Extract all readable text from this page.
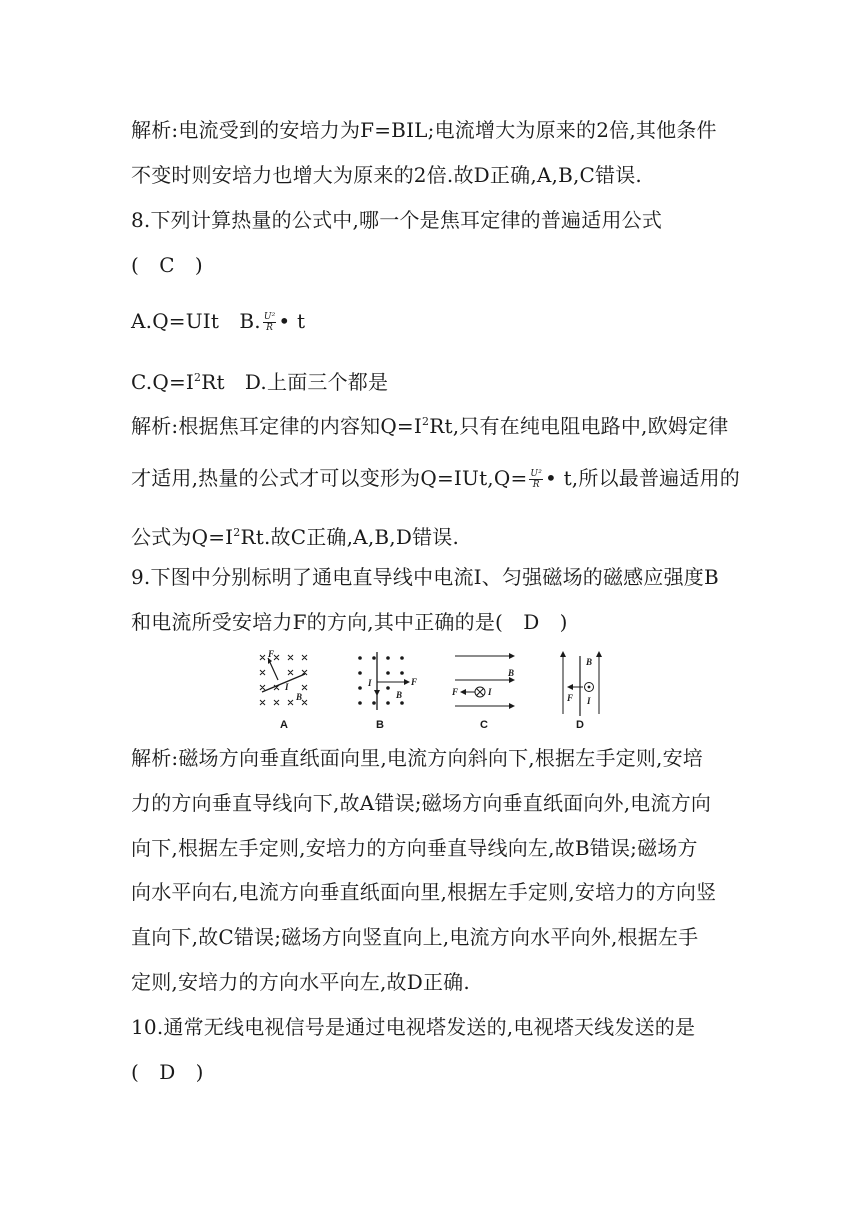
解析:电流受到的安培力为F=BIL;电流增大为原来的2倍,其他条件
不变时则安培力也增大为原来的2倍.故D正确,A,B,C错误.
8.下列计算热量的公式中,哪一个是焦耳定律的普遍适用公式
(　C　)
A.Q=UIt　B. $\frac{\text{U²}}{R}$ • t
$C.Q=I^2Rt$　D.上面三个都是
解析:根据焦耳定律的内容知$Q=I^2Rt$,只有在纯电阻电路中,欧姆定律
才适用,热量的公式才可以变形为$Q=IUt,Q= \frac{\text{U²}}{R}$ • t,所以最普遍适用的
公式为$Q=I^2Rt$.故C正确,A,B,D错误.
9.下图中分别标明了通电直导线中电流I、匀强磁场的磁感应强度B
和电流所受安培力F的方向,其中正确的是(　D　)
F
I
B
A
I	F
B
B
F	I
B
C
F I
B
D
解析:磁场方向垂直纸面向里,电流方向斜向下,根据左手定则,安培
力的方向垂直导线向下,故A错误;磁场方向垂直纸面向外,电流方向
向下,根据左手定则,安培力的方向垂直导线向左,故B错误;磁场方
向水平向右,电流方向垂直纸面向里,根据左手定则,安培力的方向竖
直向下,故C错误;磁场方向竖直向上,电流方向水平向外,根据左手
定则,安培力的方向水平向左,故D正确.
10.通常无线电视信号是通过电视塔发送的,电视塔天线发送的是
(　D　)
